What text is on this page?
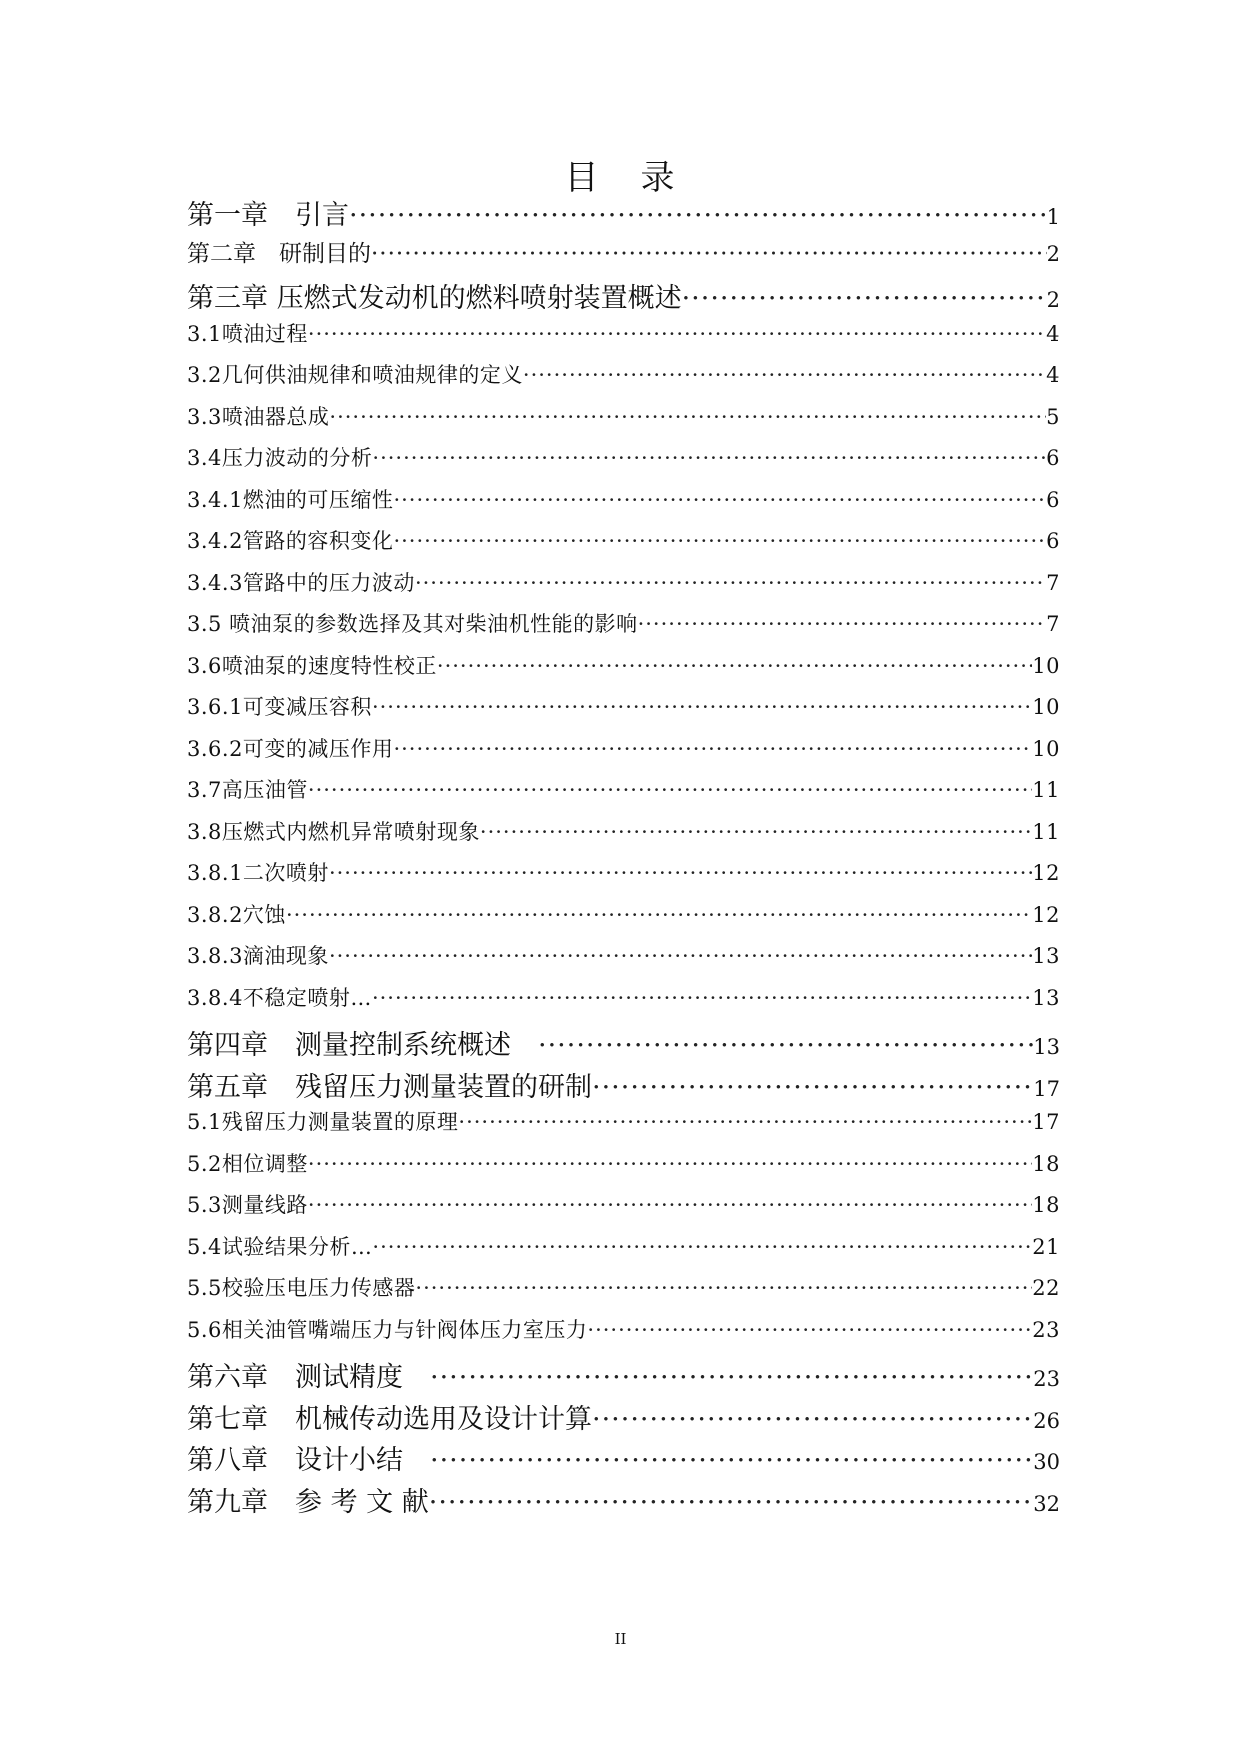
目 录
第一章　引言 ·····	1
第二章　研制目的 ·····	2
第三章 压燃式发动机的燃料喷射装置概述 ·····	2
3.1喷油过程 ·····	4
3.2几何供油规律和喷油规律的定义 ·····	4
3.3喷油器总成 ·····	5
3.4压力波动的分析 ·····	6
3.4.1燃油的可压缩性 ·····	6
3.4.2管路的容积变化 ·····	6
3.4.3管路中的压力波动 ·····	7
3.5 喷油泵的参数选择及其对柴油机性能的影响 ·····	7
3.6喷油泵的速度特性校正 ·····	10
3.6.1可变减压容积 ·····	10
3.6.2可变的减压作用 ·····	10
3.7高压油管 ·····	11
3.8压燃式内燃机异常喷射现象 ·····	11
3.8.1二次喷射 ·····	12
3.8.2穴蚀 ·····	12
3.8.3滴油现象 ·····	13
3.8.4不稳定喷射… ·····	13
第四章　测量控制系统概述　 ·····	13
第五章　残留压力测量装置的研制 ·····	17
5.1残留压力测量装置的原理 ·····	17
5.2相位调整 ·····	18
5.3测量线路 ·····	18
5.4试验结果分析… ·····	21
5.5校验压电压力传感器 ·····	22
5.6相关油管嘴端压力与针阀体压力室压力 ·····	23
第六章　测试精度　 ·····	23
第七章　机械传动选用及设计计算 ·····	26
第八章　设计小结　 ·····	30
第九章　参 考 文 献 ·····	32
II
